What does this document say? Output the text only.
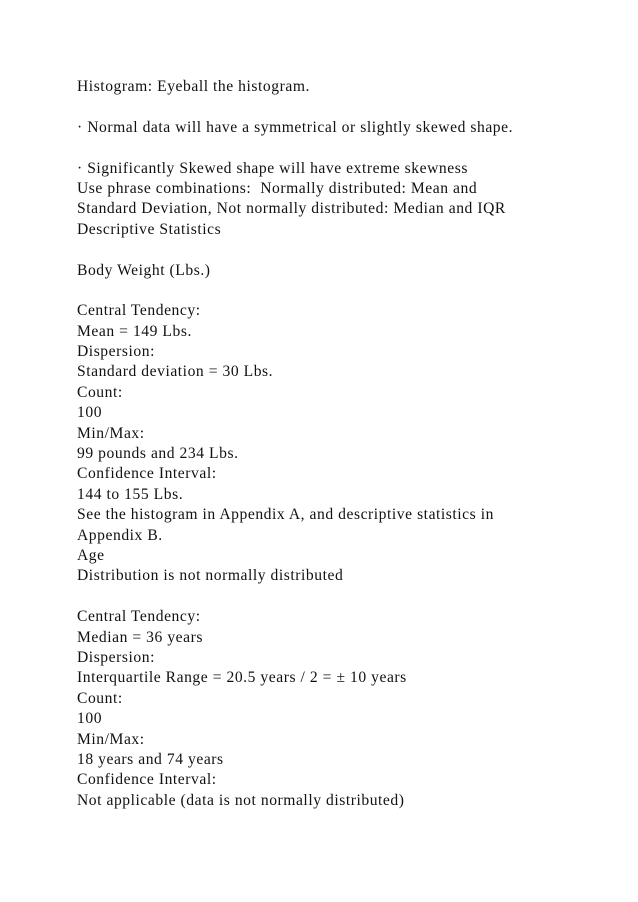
Histogram: Eyeball the histogram.
· Normal data will have a symmetrical or slightly skewed shape.
· Significantly Skewed shape will have extreme skewness
Use phrase combinations:  Normally distributed: Mean and
Standard Deviation, Not normally distributed: Median and IQR
Descriptive Statistics
Body Weight (Lbs.)
Central Tendency:
Mean = 149 Lbs.
Dispersion:
Standard deviation = 30 Lbs.
Count:
100
Min/Max:
99 pounds and 234 Lbs.
Confidence Interval:
144 to 155 Lbs.
See the histogram in Appendix A, and descriptive statistics in
Appendix B.
Age
Distribution is not normally distributed
Central Tendency:
Median = 36 years
Dispersion:
Interquartile Range = 20.5 years / 2 = ± 10 years
Count:
100
Min/Max:
18 years and 74 years
Confidence Interval:
Not applicable (data is not normally distributed)
